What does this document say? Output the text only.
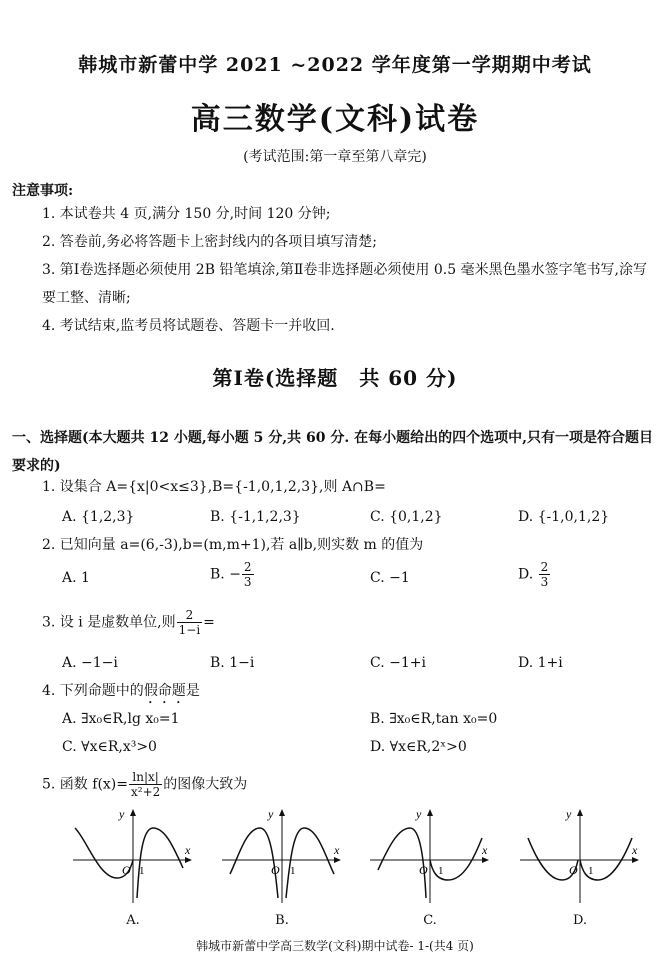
韩城市新蕾中学 2021 ~2022 学年度第一学期期中考试
高三数学(文科)试卷
(考试范围:第一章至第八章完)
注意事项:
1. 本试卷共 4 页,满分 150 分,时间 120 分钟;
2. 答卷前,务必将答题卡上密封线内的各项目填写清楚;
3. 第Ⅰ卷选择题必须使用 2B 铅笔填涂,第Ⅱ卷非选择题必须使用 0.5 毫米黑色墨水签字笔书写,涂写要工整、清晰;
4. 考试结束,监考员将试题卷、答题卡一并收回.
第Ⅰ卷(选择题　共 60 分)
一、选择题(本大题共 12 小题,每小题 5 分,共 60 分. 在每小题给出的四个选项中,只有一项是符合题目要求的)
1. 设集合 A={x|0<x≤3},B={-1,0,1,2,3},则 A∩B=
A. {1,2,3}	B. {-1,1,2,3}	C. {0,1,2}	D. {-1,0,1,2}
2. 已知向量 a=(6,-3),b=(m,m+1),若 a∥b,则实数 m 的值为
A. 1	B. − $\frac{2}{3}$	C. −1	D. $\frac{2}{3}$
3. 设 i 是虚数单位,则 $\frac{2}{1-i}$ =
A. −1−i	B. 1−i	C. −1+i	D. 1+i
4. 下列命题中的假命题是
A. ∃x₀∈R,lg x₀=1	B. ∃x₀∈R,tan x₀=0
C. ∀x∈R,x³>0	D. ∀x∈R,2ˣ>0
5. 函数 $f(x)= \frac{\ln|x|}{\text{x²+2}}$ 的图像大致为
O 1
x
y
A.
O 1
x
y
B.
O 1
x
y
C.
O 1
x
y
D.
韩城市新蕾中学高三数学(文科)期中试卷- 1-(共4 页)
